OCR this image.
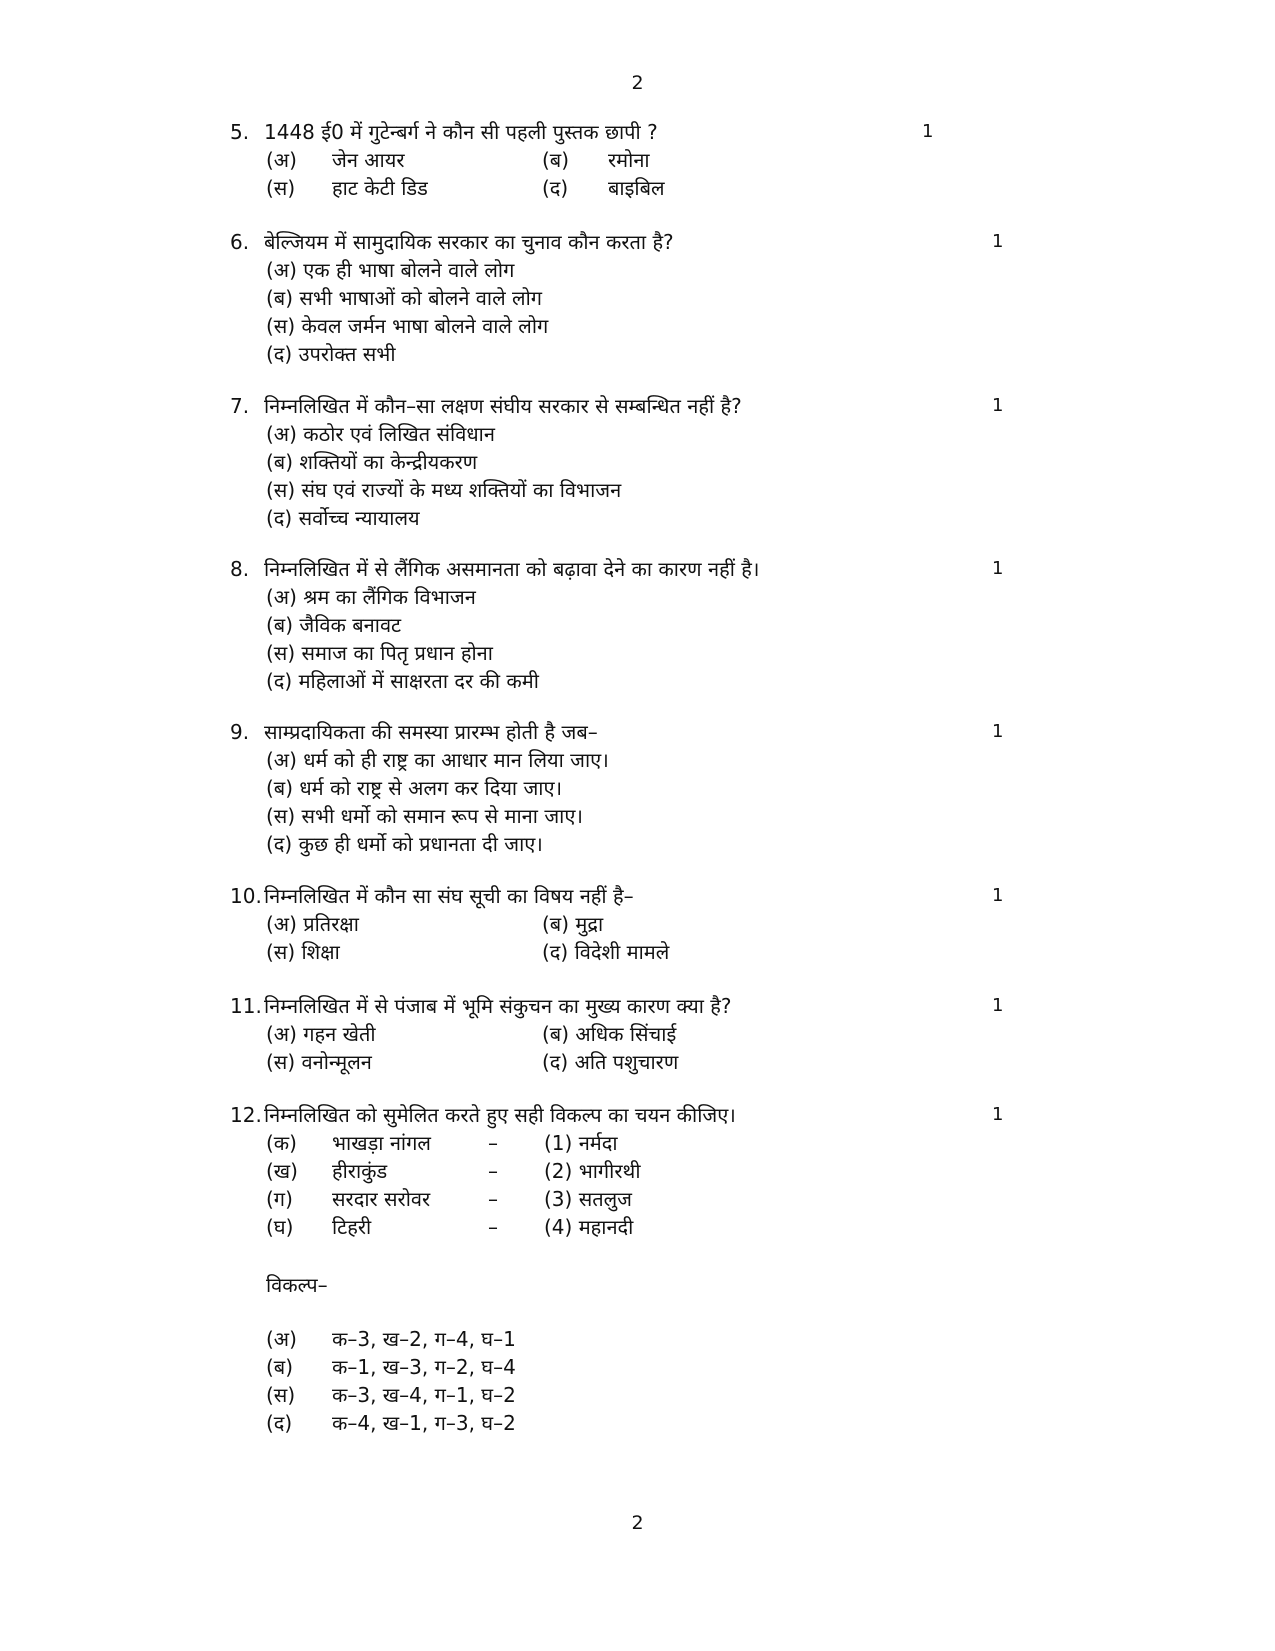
2
5. 1448 ई0 में गुटेन्बर्ग ने कौन सी पहली पुस्तक छापी ?	1
(अ) जेन आयर	(ब) रमोना
(स) हाट केटी डिड	(द) बाइबिल
6. बेल्जियम में सामुदायिक सरकार का चुनाव कौन करता है?	1
(अ) एक ही भाषा बोलने वाले लोग
(ब) सभी भाषाओं को बोलने वाले लोग
(स) केवल जर्मन भाषा बोलने वाले लोग
(द) उपरोक्त सभी
7. निम्नलिखित में कौन–सा लक्षण संघीय सरकार से सम्बन्धित नहीं है?	1
(अ) कठोर एवं लिखित संविधान
(ब) शक्तियों का केन्द्रीयकरण
(स) संघ एवं राज्यों के मध्य शक्तियों का विभाजन
(द) सर्वोच्च न्यायालय
8. निम्नलिखित में से लैंगिक असमानता को बढ़ावा देने का कारण नहीं है।	1
(अ) श्रम का लैंगिक विभाजन
(ब) जैविक बनावट
(स) समाज का पितृ प्रधान होना
(द) महिलाओं में साक्षरता दर की कमी
9. साम्प्रदायिकता की समस्या प्रारम्भ होती है जब–	1
(अ) धर्म को ही राष्ट्र का आधार मान लिया जाए।
(ब) धर्म को राष्ट्र से अलग कर दिया जाए।
(स) सभी धर्मो को समान रूप से माना जाए।
(द) कुछ ही धर्मो को प्रधानता दी जाए।
10. निम्नलिखित में कौन सा संघ सूची का विषय नहीं है–	1
(अ) प्रतिरक्षा	(ब) मुद्रा
(स) शिक्षा	(द) विदेशी मामले
11. निम्नलिखित में से पंजाब में भूमि संकुचन का मुख्य कारण क्या है?	1
(अ) गहन खेती	(ब) अधिक सिंचाई
(स) वनोन्मूलन	(द) अति पशुचारण
12. निम्नलिखित को सुमेलित करते हुए सही विकल्प का चयन कीजिए।	1
(क) भाखड़ा नांगल	– (1) नर्मदा
(ख) हीराकुंड	– (2) भागीरथी
(ग) सरदार सरोवर	– (3) सतलुज
(घ) टिहरी	– (4) महानदी
विकल्प–
(अ) क–3, ख–2, ग–4, घ–1
(ब) क–1, ख–3, ग–2, घ–4
(स) क–3, ख–4, ग–1, घ–2
(द) क–4, ख–1, ग–3, घ–2
2
